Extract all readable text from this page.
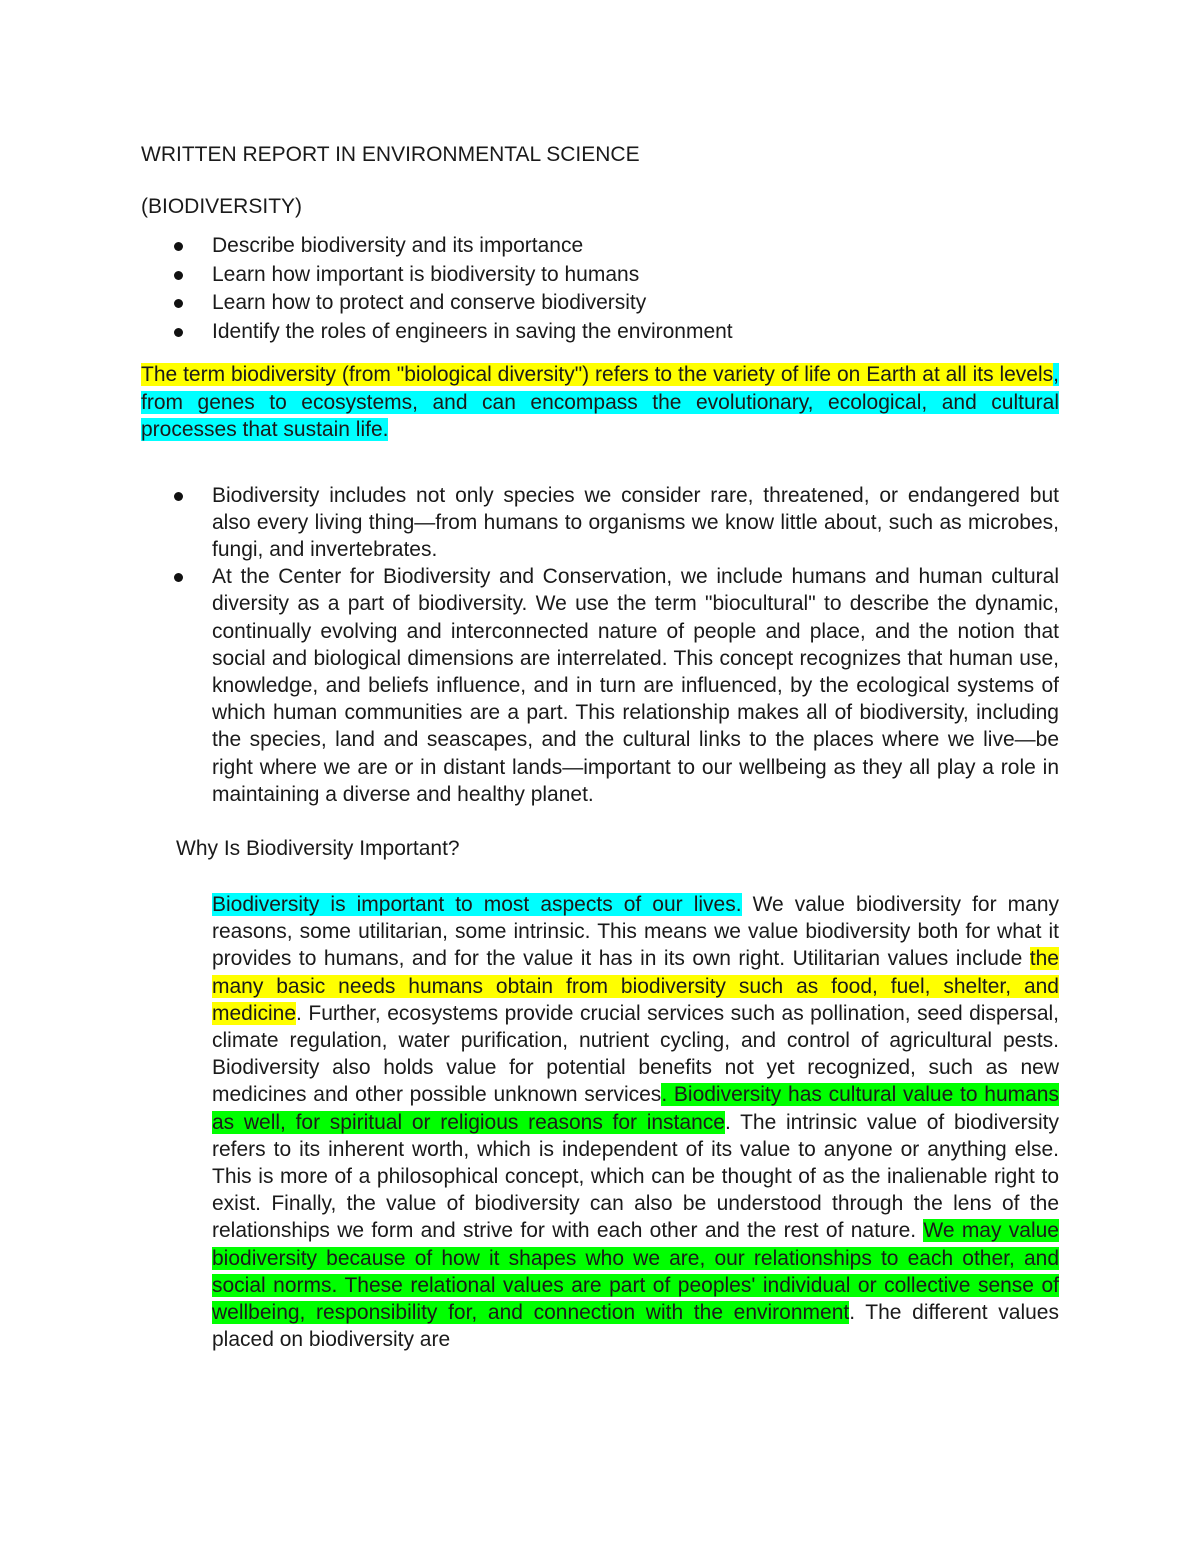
WRITTEN REPORT IN ENVIRONMENTAL SCIENCE

(BIODIVERSITY)

Describe biodiversity and its importance
Learn how important is biodiversity to humans
Learn how to protect and conserve biodiversity
Identify the roles of engineers in saving the environment

The term biodiversity (from "biological diversity") refers to the variety of life on Earth at all its levels, from genes to ecosystems, and can encompass the evolutionary, ecological, and cultural processes that sustain life.

Biodiversity includes not only species we consider rare, threatened, or endangered but also every living thing—from humans to organisms we know little about, such as microbes, fungi, and invertebrates.
At the Center for Biodiversity and Conservation, we include humans and human cultural diversity as a part of biodiversity. We use the term "biocultural" to describe the dynamic, continually evolving and interconnected nature of people and place, and the notion that social and biological dimensions are interrelated. This concept recognizes that human use, knowledge, and beliefs influence, and in turn are influenced, by the ecological systems of which human communities are a part. This relationship makes all of biodiversity, including the species, land and seascapes, and the cultural links to the places where we live—be right where we are or in distant lands—important to our wellbeing as they all play a role in maintaining a diverse and healthy planet.

Why Is Biodiversity Important?

Biodiversity is important to most aspects of our lives. We value biodiversity for many reasons, some utilitarian, some intrinsic. This means we value biodiversity both for what it provides to humans, and for the value it has in its own right. Utilitarian values include the many basic needs humans obtain from biodiversity such as food, fuel, shelter, and medicine. Further, ecosystems provide crucial services such as pollination, seed dispersal, climate regulation, water purification, nutrient cycling, and control of agricultural pests. Biodiversity also holds value for potential benefits not yet recognized, such as new medicines and other possible unknown services. Biodiversity has cultural value to humans as well, for spiritual or religious reasons for instance. The intrinsic value of biodiversity refers to its inherent worth, which is independent of its value to anyone or anything else. This is more of a philosophical concept, which can be thought of as the inalienable right to exist. Finally, the value of biodiversity can also be understood through the lens of the relationships we form and strive for with each other and the rest of nature. We may value biodiversity because of how it shapes who we are, our relationships to each other, and social norms. These relational values are part of peoples' individual or collective sense of wellbeing, responsibility for, and connection with the environment. The different values placed on biodiversity are
